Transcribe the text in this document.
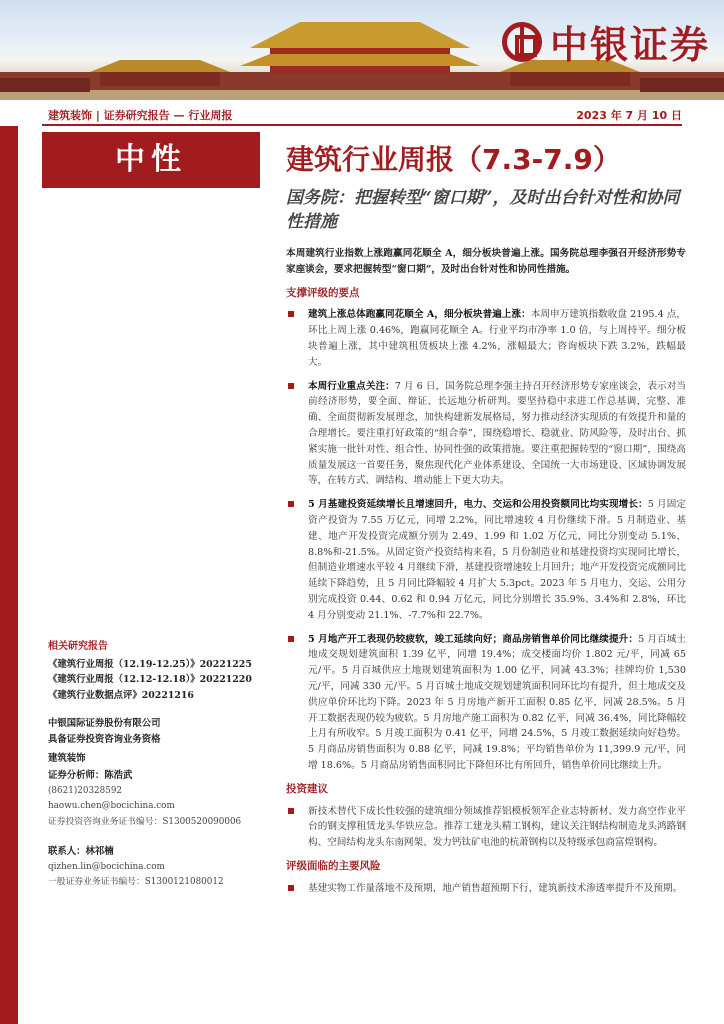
中银证券
建筑装饰 | 证券研究报告 — 行业周报	2023 年 7 月 10 日
中性	建筑行业周报（7.3-7.9）
国务院：把握转型“窗口期”，及时出台针对性和协同性措施
本周建筑行业指数上涨跑赢同花顺全 A，细分板块普遍上涨。国务院总理李强召开经济形势专家座谈会，要求把握转型“窗口期”，及时出台针对性和协同性措施。
支撑评级的要点
建筑上涨总体跑赢同花顺全 A，细分板块普遍上涨：本周申万建筑指数收盘 2195.4 点，环比上周上涨 0.46%，跑赢同花顺全 A。行业平均市净率 1.0 倍，与上周持平。细分板块普遍上涨，其中建筑租赁板块上涨 4.2%，涨幅最大；咨询板块下跌 3.2%，跌幅最大。
本周行业重点关注：7 月 6 日，国务院总理李强主持召开经济形势专家座谈会，表示对当前经济形势，要全面、辩证、长远地分析研判。要坚持稳中求进工作总基调，完整、准确、全面贯彻新发展理念，加快构建新发展格局，努力推动经济实现质的有效提升和量的合理增长。要注重打好政策的“组合拳”，围绕稳增长、稳就业、防风险等，及时出台、抓紧实施一批针对性、组合性、协同性强的政策措施。要注重把握转型的“窗口期”，围绕高质量发展这一首要任务，聚焦现代化产业体系建设、全国统一大市场建设、区域协调发展等，在转方式、调结构、增动能上下更大功夫。
5 月基建投资延续增长且增速回升，电力、交运和公用投资额同比均实现增长：5 月固定资产投资为 7.55 万亿元，同增 2.2%，同比增速较 4 月份继续下滑。5 月制造业、基建、地产开发投资完成额分别为 2.49、1.99 和 1.02 万亿元，同比分别变动 5.1%、8.8%和-21.5%。从固定资产投资结构来看，5 月份制造业和基建投资均实现同比增长，但制造业增速水平较 4 月继续下滑，基建投资增速较上月回升；地产开发投资完成额同比延续下降趋势，且 5 月同比降幅较 4 月扩大 5.3pct。2023 年 5 月电力、交运、公用分别完成投资 0.44、0.62 和 0.94 万亿元，同比分别增长 35.9%、3.4%和 2.8%，环比 4 月分别变动 21.1%、-7.7%和 22.7%。
5 月地产开工表现仍较疲软，竣工延续向好；商品房销售单价同比继续提升：5 月百城土地成交规划建筑面积 1.39 亿平，同增 19.4%；成交楼面均价 1.802 元/平，同减 65 元/平。5 月百城供应土地规划建筑面积为 1.00 亿平，同减 43.3%；挂牌均价 1,530 元/平，同减 330 元/平。5 月百城土地成交规划建筑面积同环比均有提升，但土地成交及供应单价环比均下降。2023 年 5 月房地产新开工面积 0.85 亿平，同减 28.5%。5 月开工数据表现仍较为疲软。5 月房地产施工面积为 0.82 亿平，同减 36.4%，同比降幅较上月有所收窄。5 月竣工面积为 0.41 亿平，同增 24.5%，5 月竣工数据延续向好趋势。5 月商品房销售面积为 0.88 亿平，同减 19.8%；平均销售单价为 11,399.9 元/平，同增 18.6%。5 月商品房销售面积同比下降但环比有所回升，销售单价同比继续上升。
投资建议
新技术替代下成长性较强的建筑细分领域推荐铝模板领军企业志特新材、发力高空作业平台的钢支撑租赁龙头华铁应急。推荐工建龙头精工钢构，建议关注钢结构制造龙头鸿路钢构、空间结构龙头东南网架、发力钙钛矿电池的杭萧钢构以及特级承包商富煌钢构。
评级面临的主要风险
基建实物工作量落地不及预期，地产销售超预期下行，建筑新技术渗透率提升不及预期。
相关研究报告
《建筑行业周报（12.19-12.25）》20221225
《建筑行业周报（12.12-12.18）》20221220
《建筑行业数据点评》20221216
中银国际证券股份有限公司
具备证券投资咨询业务资格
建筑装饰
证券分析师：陈浩武
(8621)20328592
haowu.chen@bocichina.com
证券投资咨询业务证书编号：S1300520090006
联系人：林祁楠
qizhen.lin@bocichina.com
一般证券业务证书编号：S1300121080012
